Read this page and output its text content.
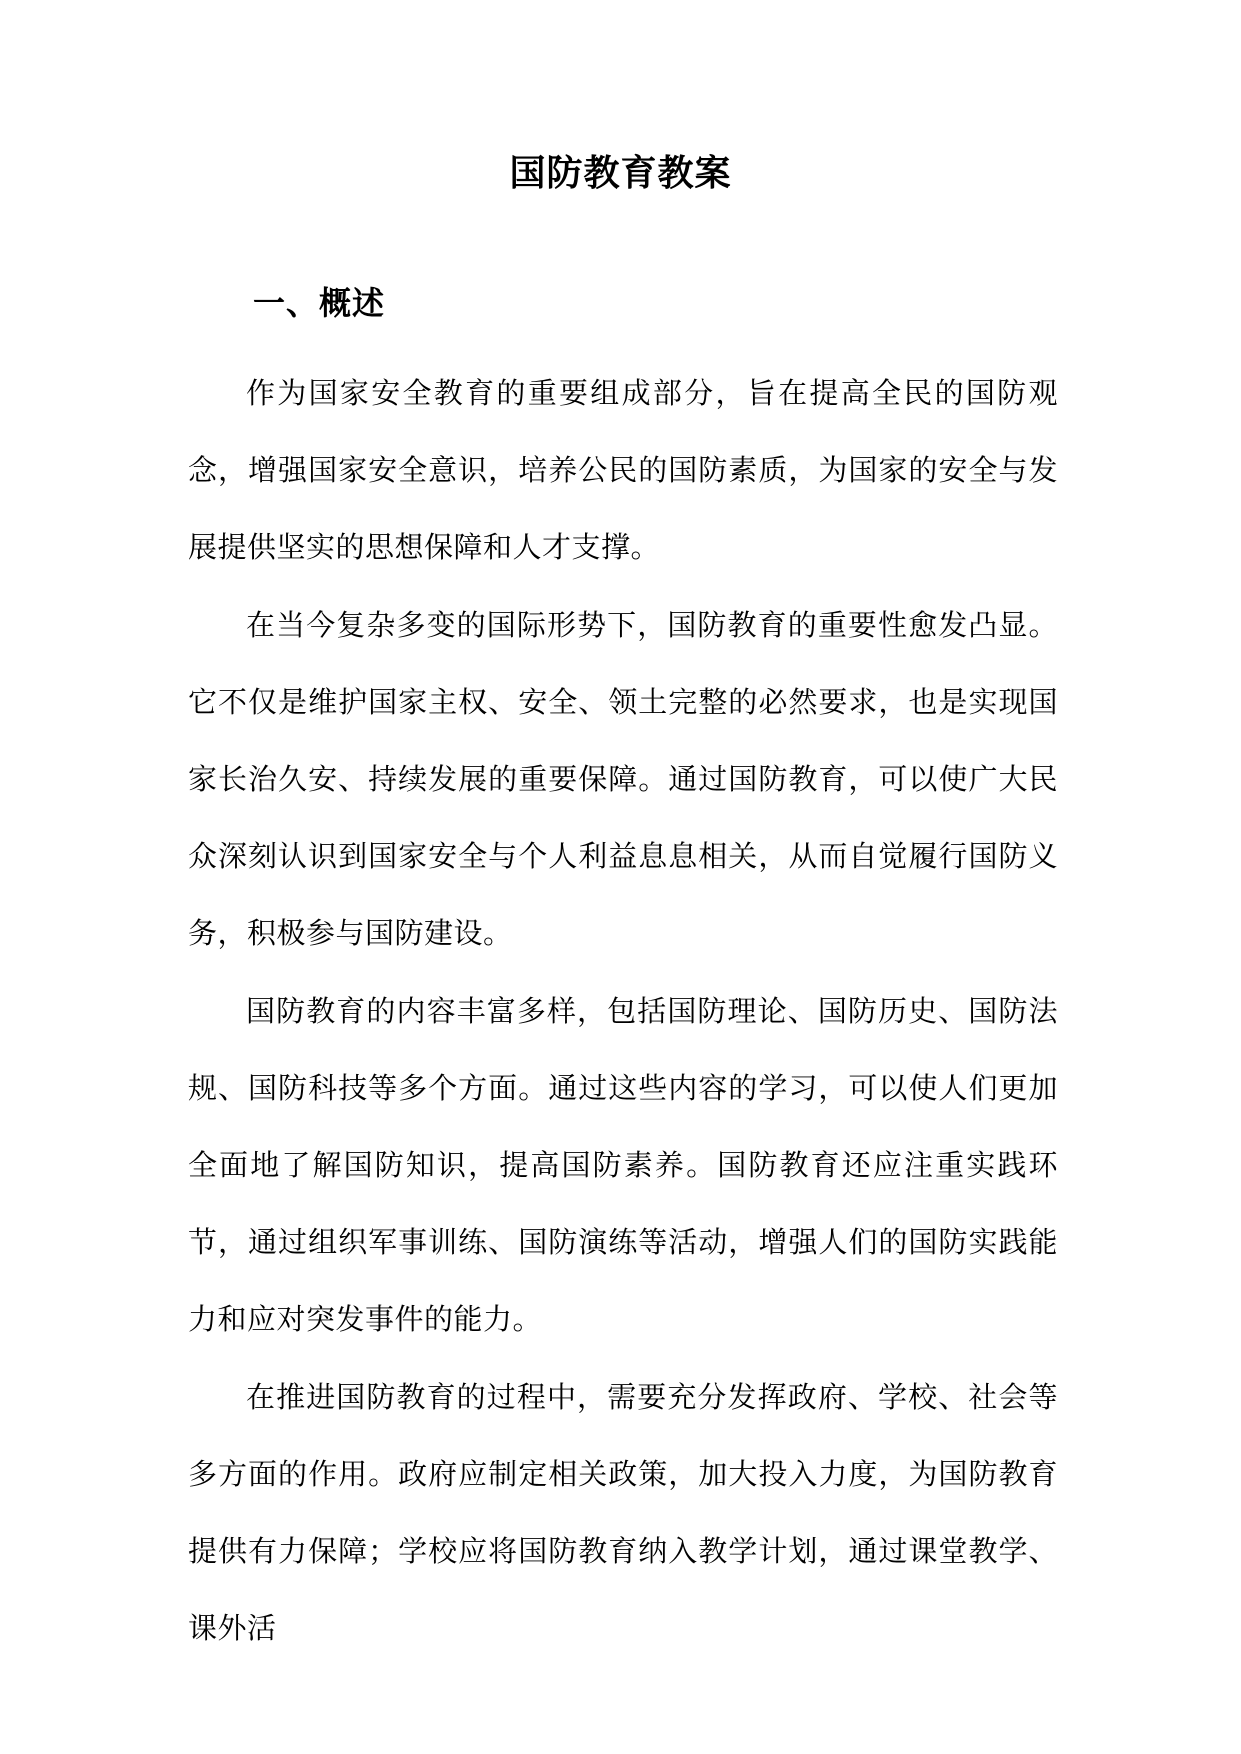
国防教育教案
一、概述

作为国家安全教育的重要组成部分，旨在提高全民的国防观念，增强国家安全意识，培养公民的国防素质，为国家的安全与发展提供坚实的思想保障和人才支撑。

在当今复杂多变的国际形势下，国防教育的重要性愈发凸显。它不仅是维护国家主权、安全、领土完整的必然要求，也是实现国家长治久安、持续发展的重要保障。通过国防教育，可以使广大民众深刻认识到国家安全与个人利益息息相关，从而自觉履行国防义务，积极参与国防建设。

国防教育的内容丰富多样，包括国防理论、国防历史、国防法规、国防科技等多个方面。通过这些内容的学习，可以使人们更加全面地了解国防知识，提高国防素养。国防教育还应注重实践环节，通过组织军事训练、国防演练等活动，增强人们的国防实践能力和应对突发事件的能力。

在推进国防教育的过程中，需要充分发挥政府、学校、社会等多方面的作用。政府应制定相关政策，加大投入力度，为国防教育提供有力保障；学校应将国防教育纳入教学计划，通过课堂教学、课外活
